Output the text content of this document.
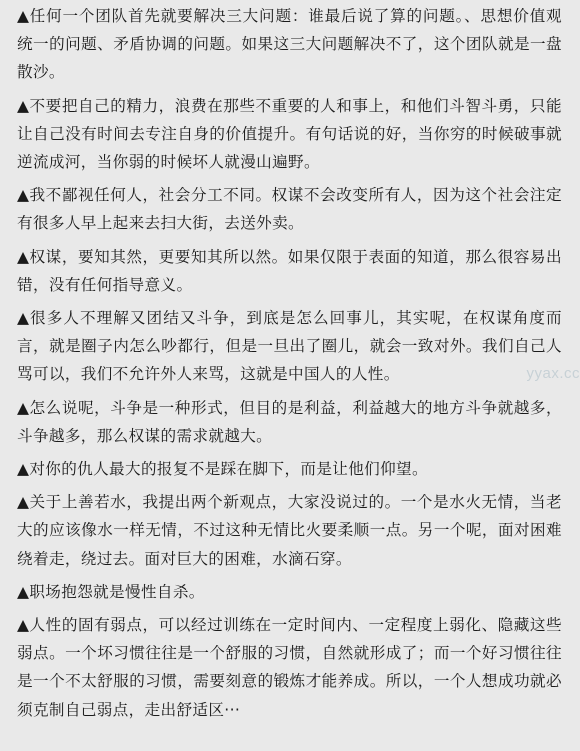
▲任何一个团队首先就要解决三大问题：谁最后说了算的问题。、思想价值观统一的问题、矛盾协调的问题。如果这三大问题解决不了，这个团队就是一盘散沙。

▲不要把自己的精力，浪费在那些不重要的人和事上，和他们斗智斗勇，只能让自己没有时间去专注自身的价值提升。有句话说的好，当你穷的时候破事就逆流成河，当你弱的时候坏人就漫山遍野。

▲我不鄙视任何人，社会分工不同。权谋不会改变所有人，因为这个社会注定有很多人早上起来去扫大街，去送外卖。

▲权谋，要知其然，更要知其所以然。如果仅限于表面的知道，那么很容易出错，没有任何指导意义。

▲很多人不理解又团结又斗争，到底是怎么回事儿，其实呢，在权谋角度而言，就是圈子内怎么吵都行，但是一旦出了圈儿，就会一致对外。我们自己人骂可以，我们不允许外人来骂，这就是中国人的人性。

▲怎么说呢，斗争是一种形式，但目的是利益，利益越大的地方斗争就越多，斗争越多，那么权谋的需求就越大。

▲对你的仇人最大的报复不是踩在脚下，而是让他们仰望。

▲关于上善若水，我提出两个新观点，大家没说过的。一个是水火无情，当老大的应该像水一样无情，不过这种无情比火要柔顺一点。另一个呢，面对困难绕着走，绕过去。面对巨大的困难，水滴石穿。

▲职场抱怨就是慢性自杀。

▲人性的固有弱点，可以经过训练在一定时间内、一定程度上弱化、隐藏这些弱点。一个坏习惯往往是一个舒服的习惯，自然就形成了；而一个好习惯往往是一个不太舒服的习惯，需要刻意的锻炼才能养成。所以，一个人想成功就必须克制自己弱点，走出舒适区···

yyax.cc
